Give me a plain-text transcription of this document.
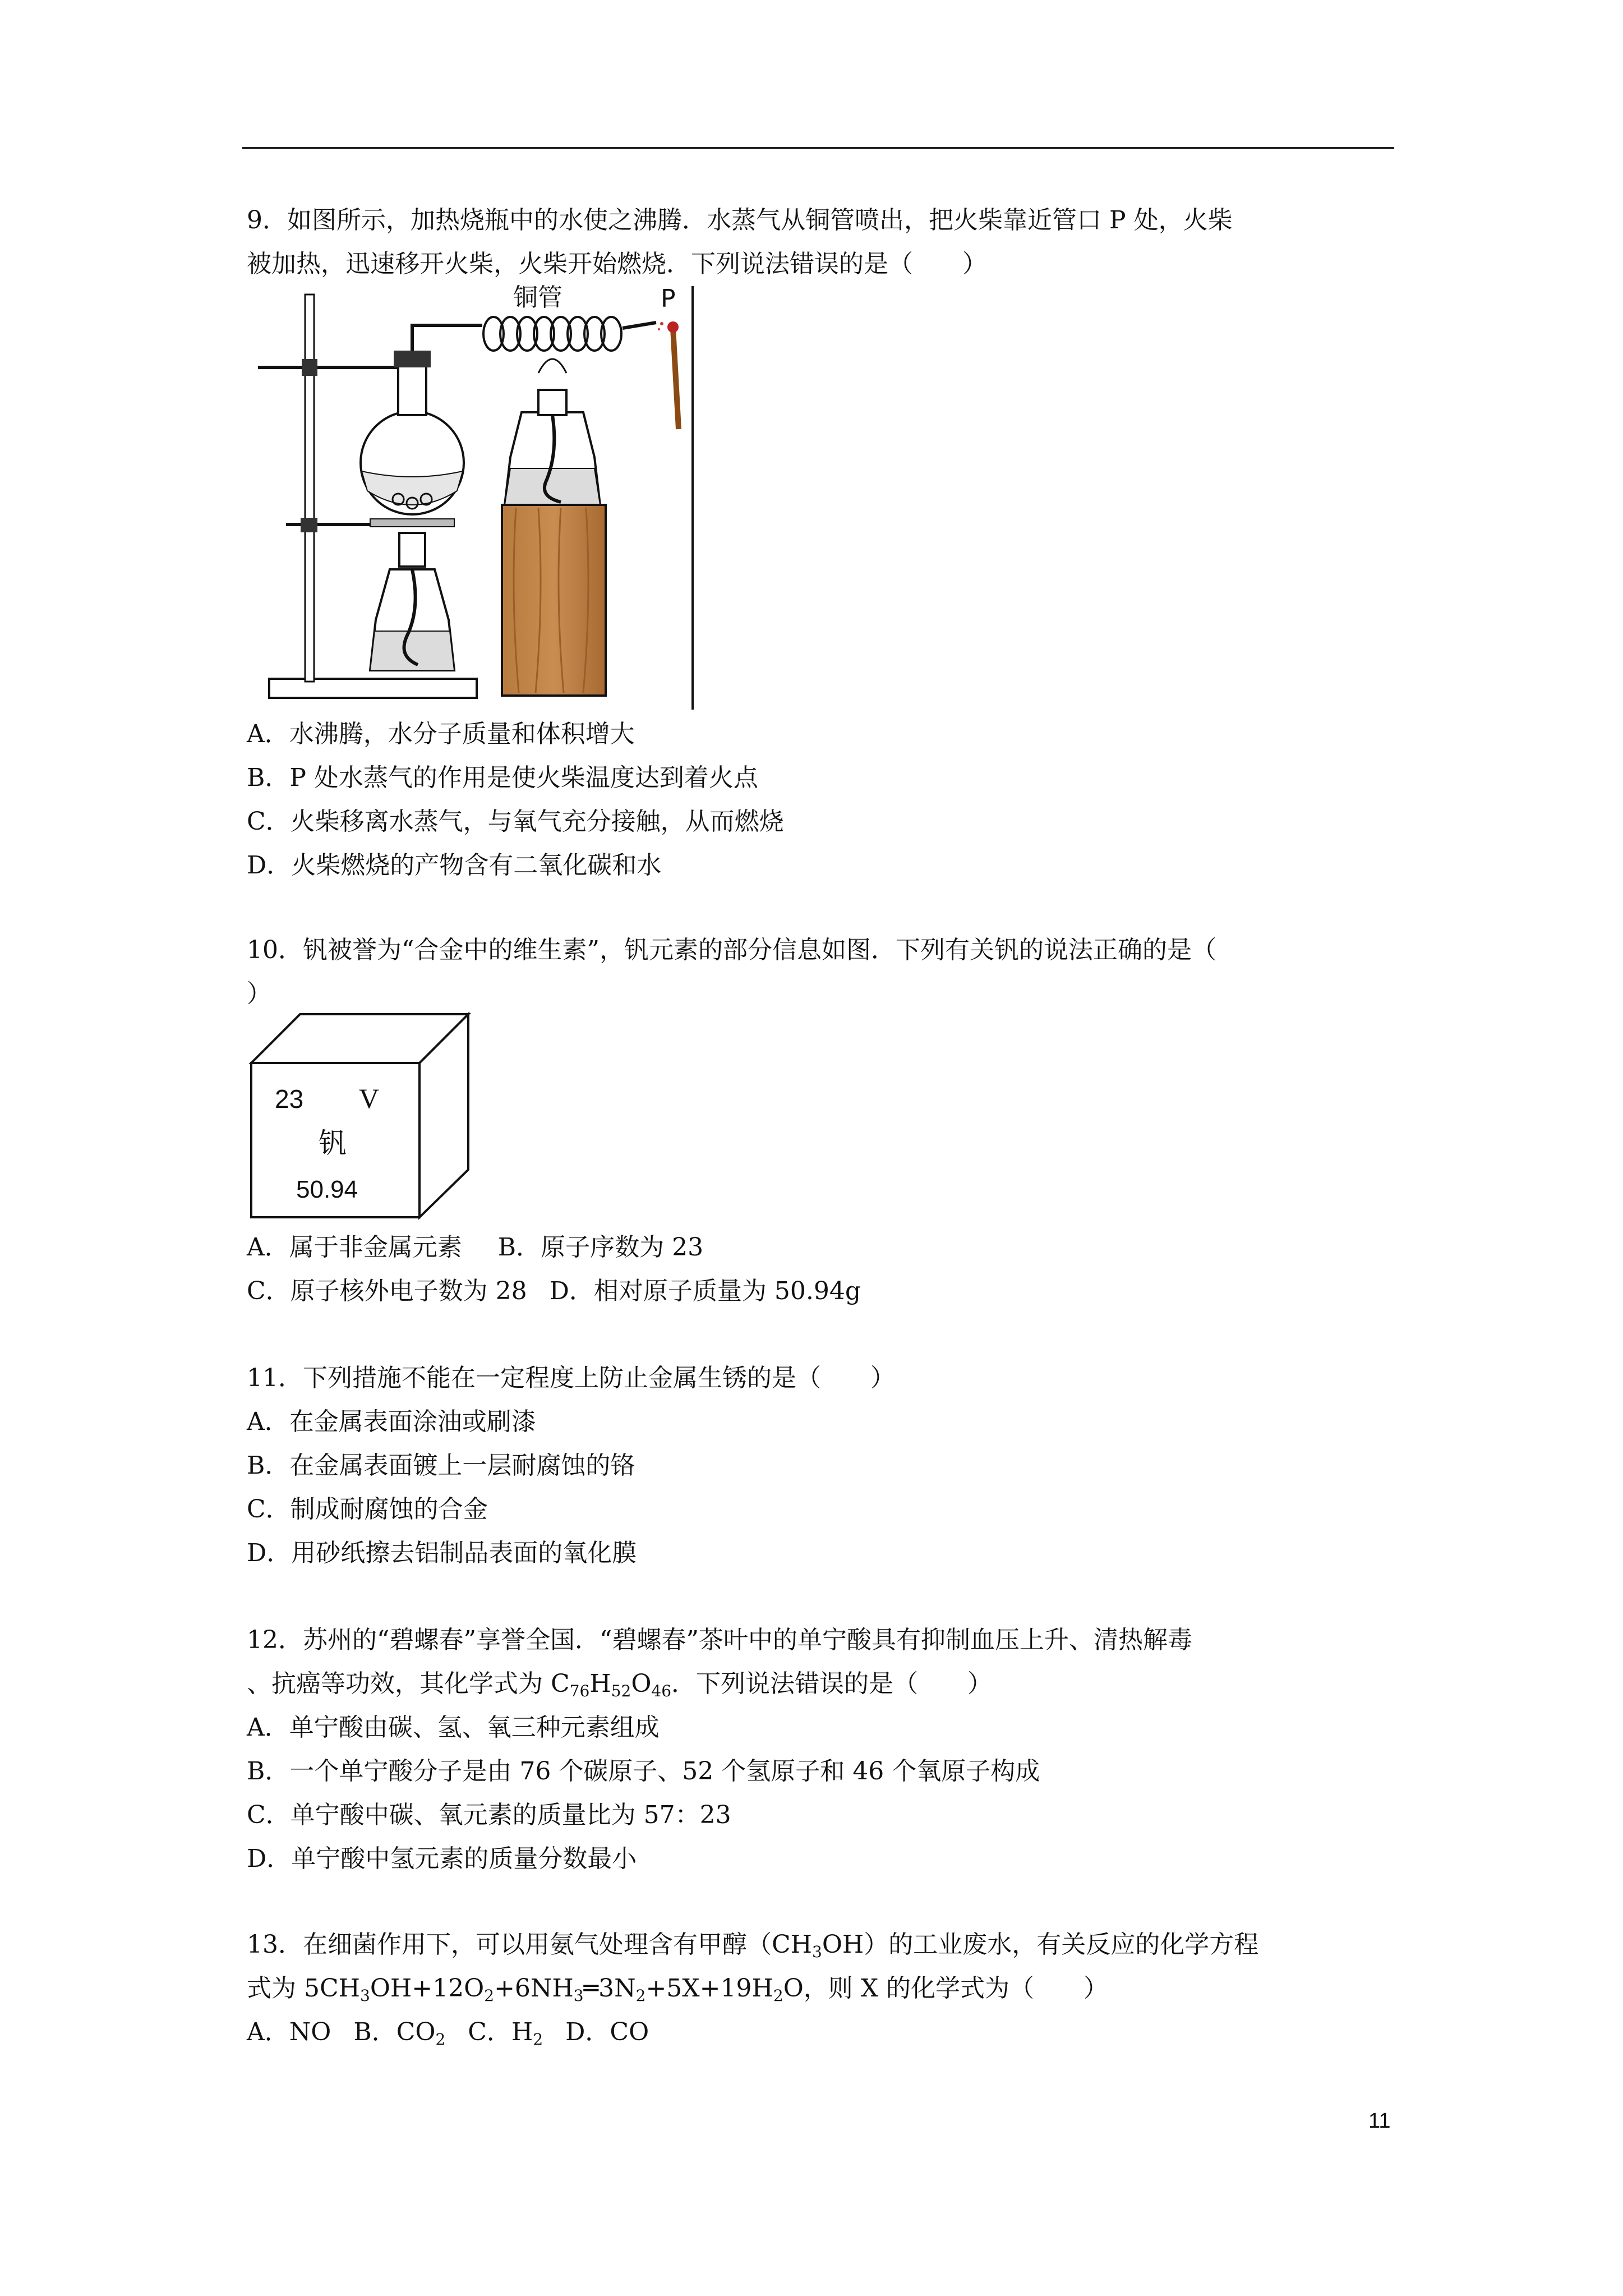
9．如图所示，加热烧瓶中的水使之沸腾．水蒸气从铜管喷出，把火柴靠近管口 P 处，火柴
被加热，迅速移开火柴，火柴开始燃烧．下列说法错误的是（　　）
铜管	P
A．水沸腾，水分子质量和体积增大
B．P 处水蒸气的作用是使火柴温度达到着火点
C．火柴移离水蒸气，与氧气充分接触，从而燃烧
D．火柴燃烧的产物含有二氧化碳和水
10．钒被誉为“合金中的维生素”，钒元素的部分信息如图．下列有关钒的说法正确的是（
）
23 V
钒
50.94
A．属于非金属元素 B．原子序数为 23
C．原子核外电子数为 28 D．相对原子质量为 50.94g
11．下列措施不能在一定程度上防止金属生锈的是（　　）
A．在金属表面涂油或刷漆
B．在金属表面镀上一层耐腐蚀的铬
C．制成耐腐蚀的合金
D．用砂纸擦去铝制品表面的氧化膜
12．苏州的“碧螺春”享誉全国．“碧螺春”茶叶中的单宁酸具有抑制血压上升、清热解毒
、抗癌等功效，其化学式为 $C_{76}H_{52}O_{46}$．下列说法错误的是（　　）
A．单宁酸由碳、氢、氧三种元素组成
B．一个单宁酸分子是由 76 个碳原子、52 个氢原子和 46 个氧原子构成
C．单宁酸中碳、氧元素的质量比为 57：23
D．单宁酸中氢元素的质量分数最小
13．在细菌作用下，可以用氨气处理含有甲醇$(CH_3OH)$的工业废水，有关反应的化学方程
式为 $5CH_3OH+12O_2+6NH_3═3N_2+5X+19H_2O$，则 X 的化学式为（　　）
A．NO B．$CO_2$ C．$H_2$ D．CO
11
